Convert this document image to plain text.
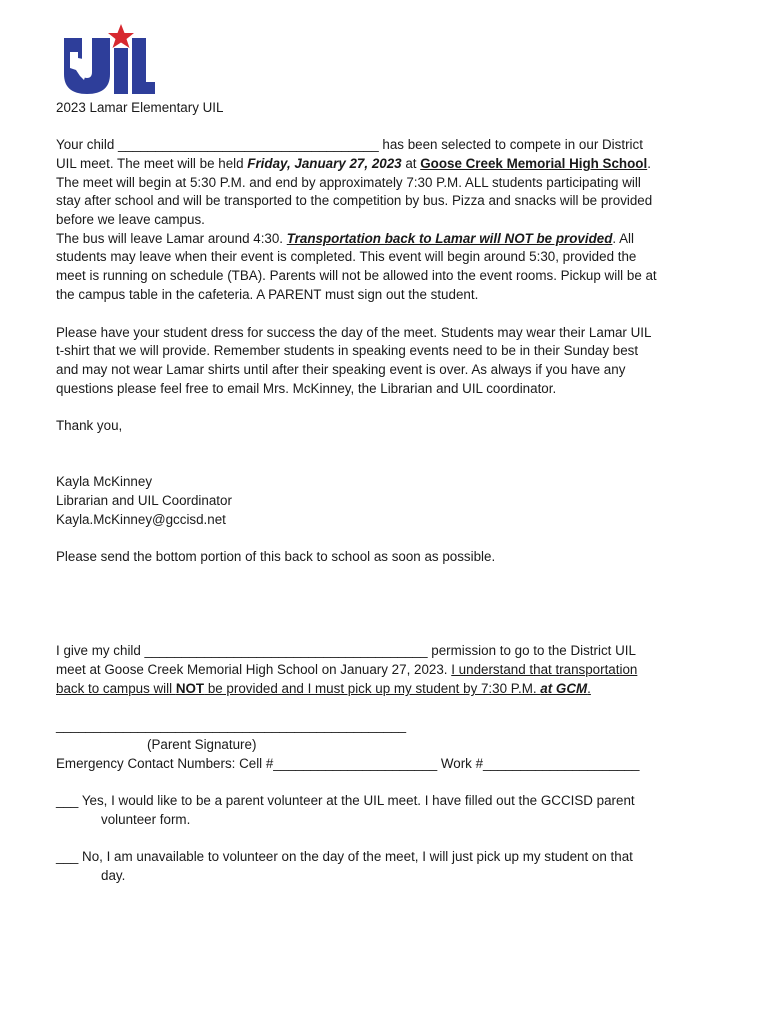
2023 Lamar Elementary UIL
Your child ___________________________________ has been selected to compete in our District
UIL meet. The meet will be held Friday, January 27, 2023 at Goose Creek Memorial High School.
The meet will begin at 5:30 P.M. and end by approximately 7:30 P.M. ALL students participating will
stay after school and will be transported to the competition by bus. Pizza and snacks will be provided
before we leave campus.
The bus will leave Lamar around 4:30. Transportation back to Lamar will NOT be provided. All
students may leave when their event is completed. This event will begin around 5:30, provided the
meet is running on schedule (TBA). Parents will not be allowed into the event rooms. Pickup will be at
the campus table in the cafeteria. A PARENT must sign out the student.
Please have your student dress for success the day of the meet. Students may wear their Lamar UIL
t-shirt that we will provide. Remember students in speaking events need to be in their Sunday best
and may not wear Lamar shirts until after their speaking event is over. As always if you have any
questions please feel free to email Mrs. McKinney, the Librarian and UIL coordinator.
Thank you,
Kayla McKinney
Librarian and UIL Coordinator
Kayla.McKinney@gccisd.net
Please send the bottom portion of this back to school as soon as possible.
I give my child ______________________________________ permission to go to the District UIL
meet at Goose Creek Memorial High School on January 27, 2023. I understand that transportation
back to campus will NOT be provided and I must pick up my student by 7:30 P.M. at GCM.
_______________________________________________
(Parent Signature)
Emergency Contact Numbers: Cell #______________________ Work #_____________________
___ Yes, I would like to be a parent volunteer at the UIL meet. I have filled out the GCCISD parent
volunteer form.
___ No, I am unavailable to volunteer on the day of the meet, I will just pick up my student on that
day.
